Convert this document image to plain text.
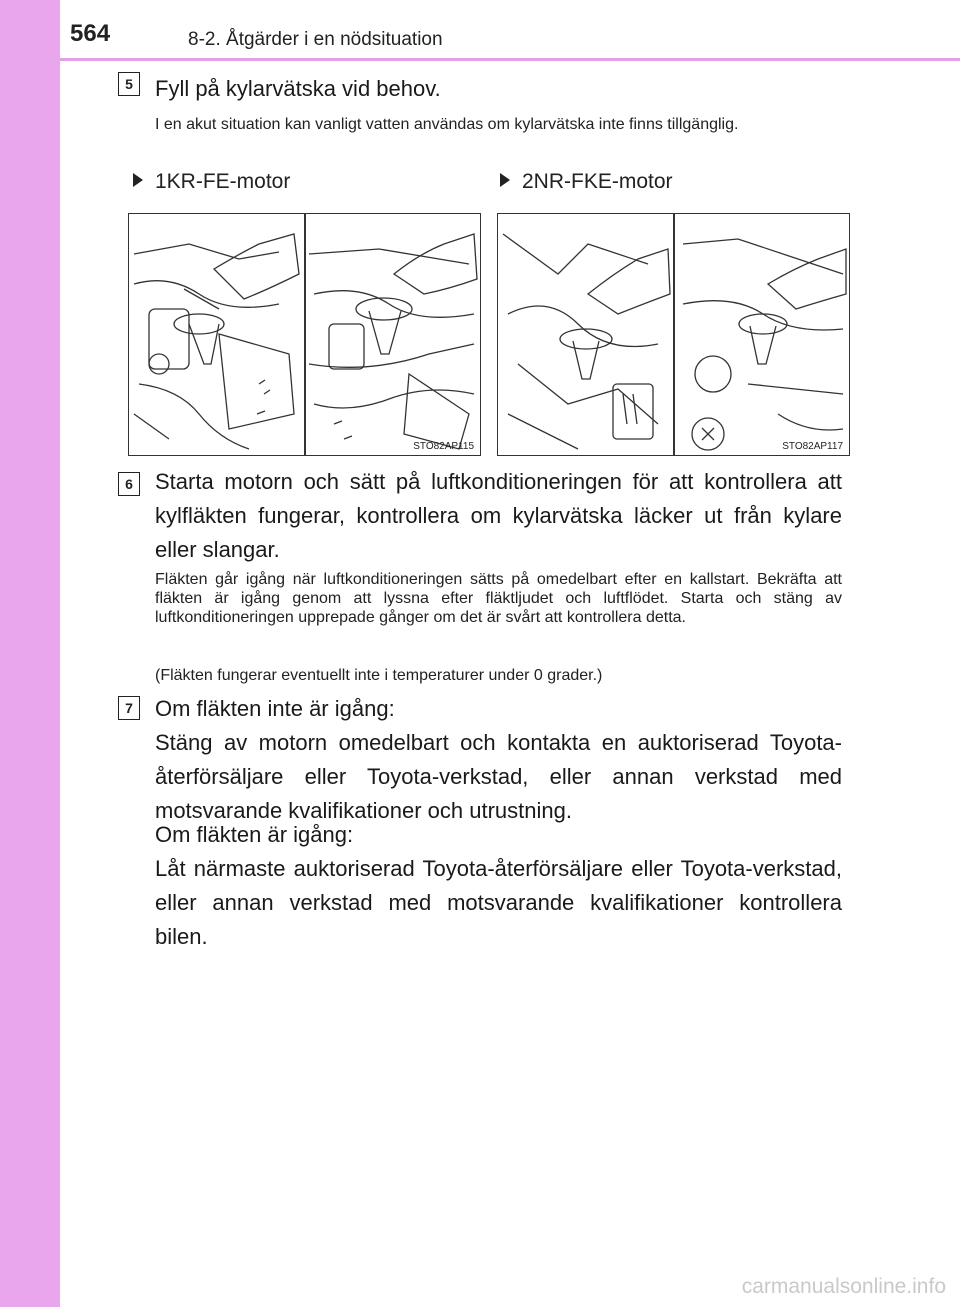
564	8-2. Åtgärder i en nödsituation
5	Fyll på kylarvätska vid behov.

I en akut situation kan vanligt vatten användas om kylarvätska inte finns tillgänglig.

1KR-FE-motor	2NR-FKE-motor
STO82AP115	STO82AP117
6	Starta motorn och sätt på luftkonditioneringen för att kontrollera att kylfläkten fungerar, kontrollera om kylarvätska läcker ut från kylare eller slangar.

Fläkten går igång när luftkonditioneringen sätts på omedelbart efter en kallstart. Bekräfta att fläkten är igång genom att lyssna efter fläktljudet och luftflödet. Starta och stäng av luftkonditioneringen upprepade gånger om det är svårt att kontrollera detta.

(Fläkten fungerar eventuellt inte i temperaturer under 0 grader.)

7	Om fläkten inte är igång:

Stäng av motorn omedelbart och kontakta en auktoriserad Toyota-återförsäljare eller Toyota-verkstad, eller annan verkstad med motsvarande kvalifikationer och utrustning.

Om fläkten är igång:

Låt närmaste auktoriserad Toyota-återförsäljare eller Toyota-verkstad, eller annan verkstad med motsvarande kvalifikationer kontrollera bilen.

carmanualsonline.info
